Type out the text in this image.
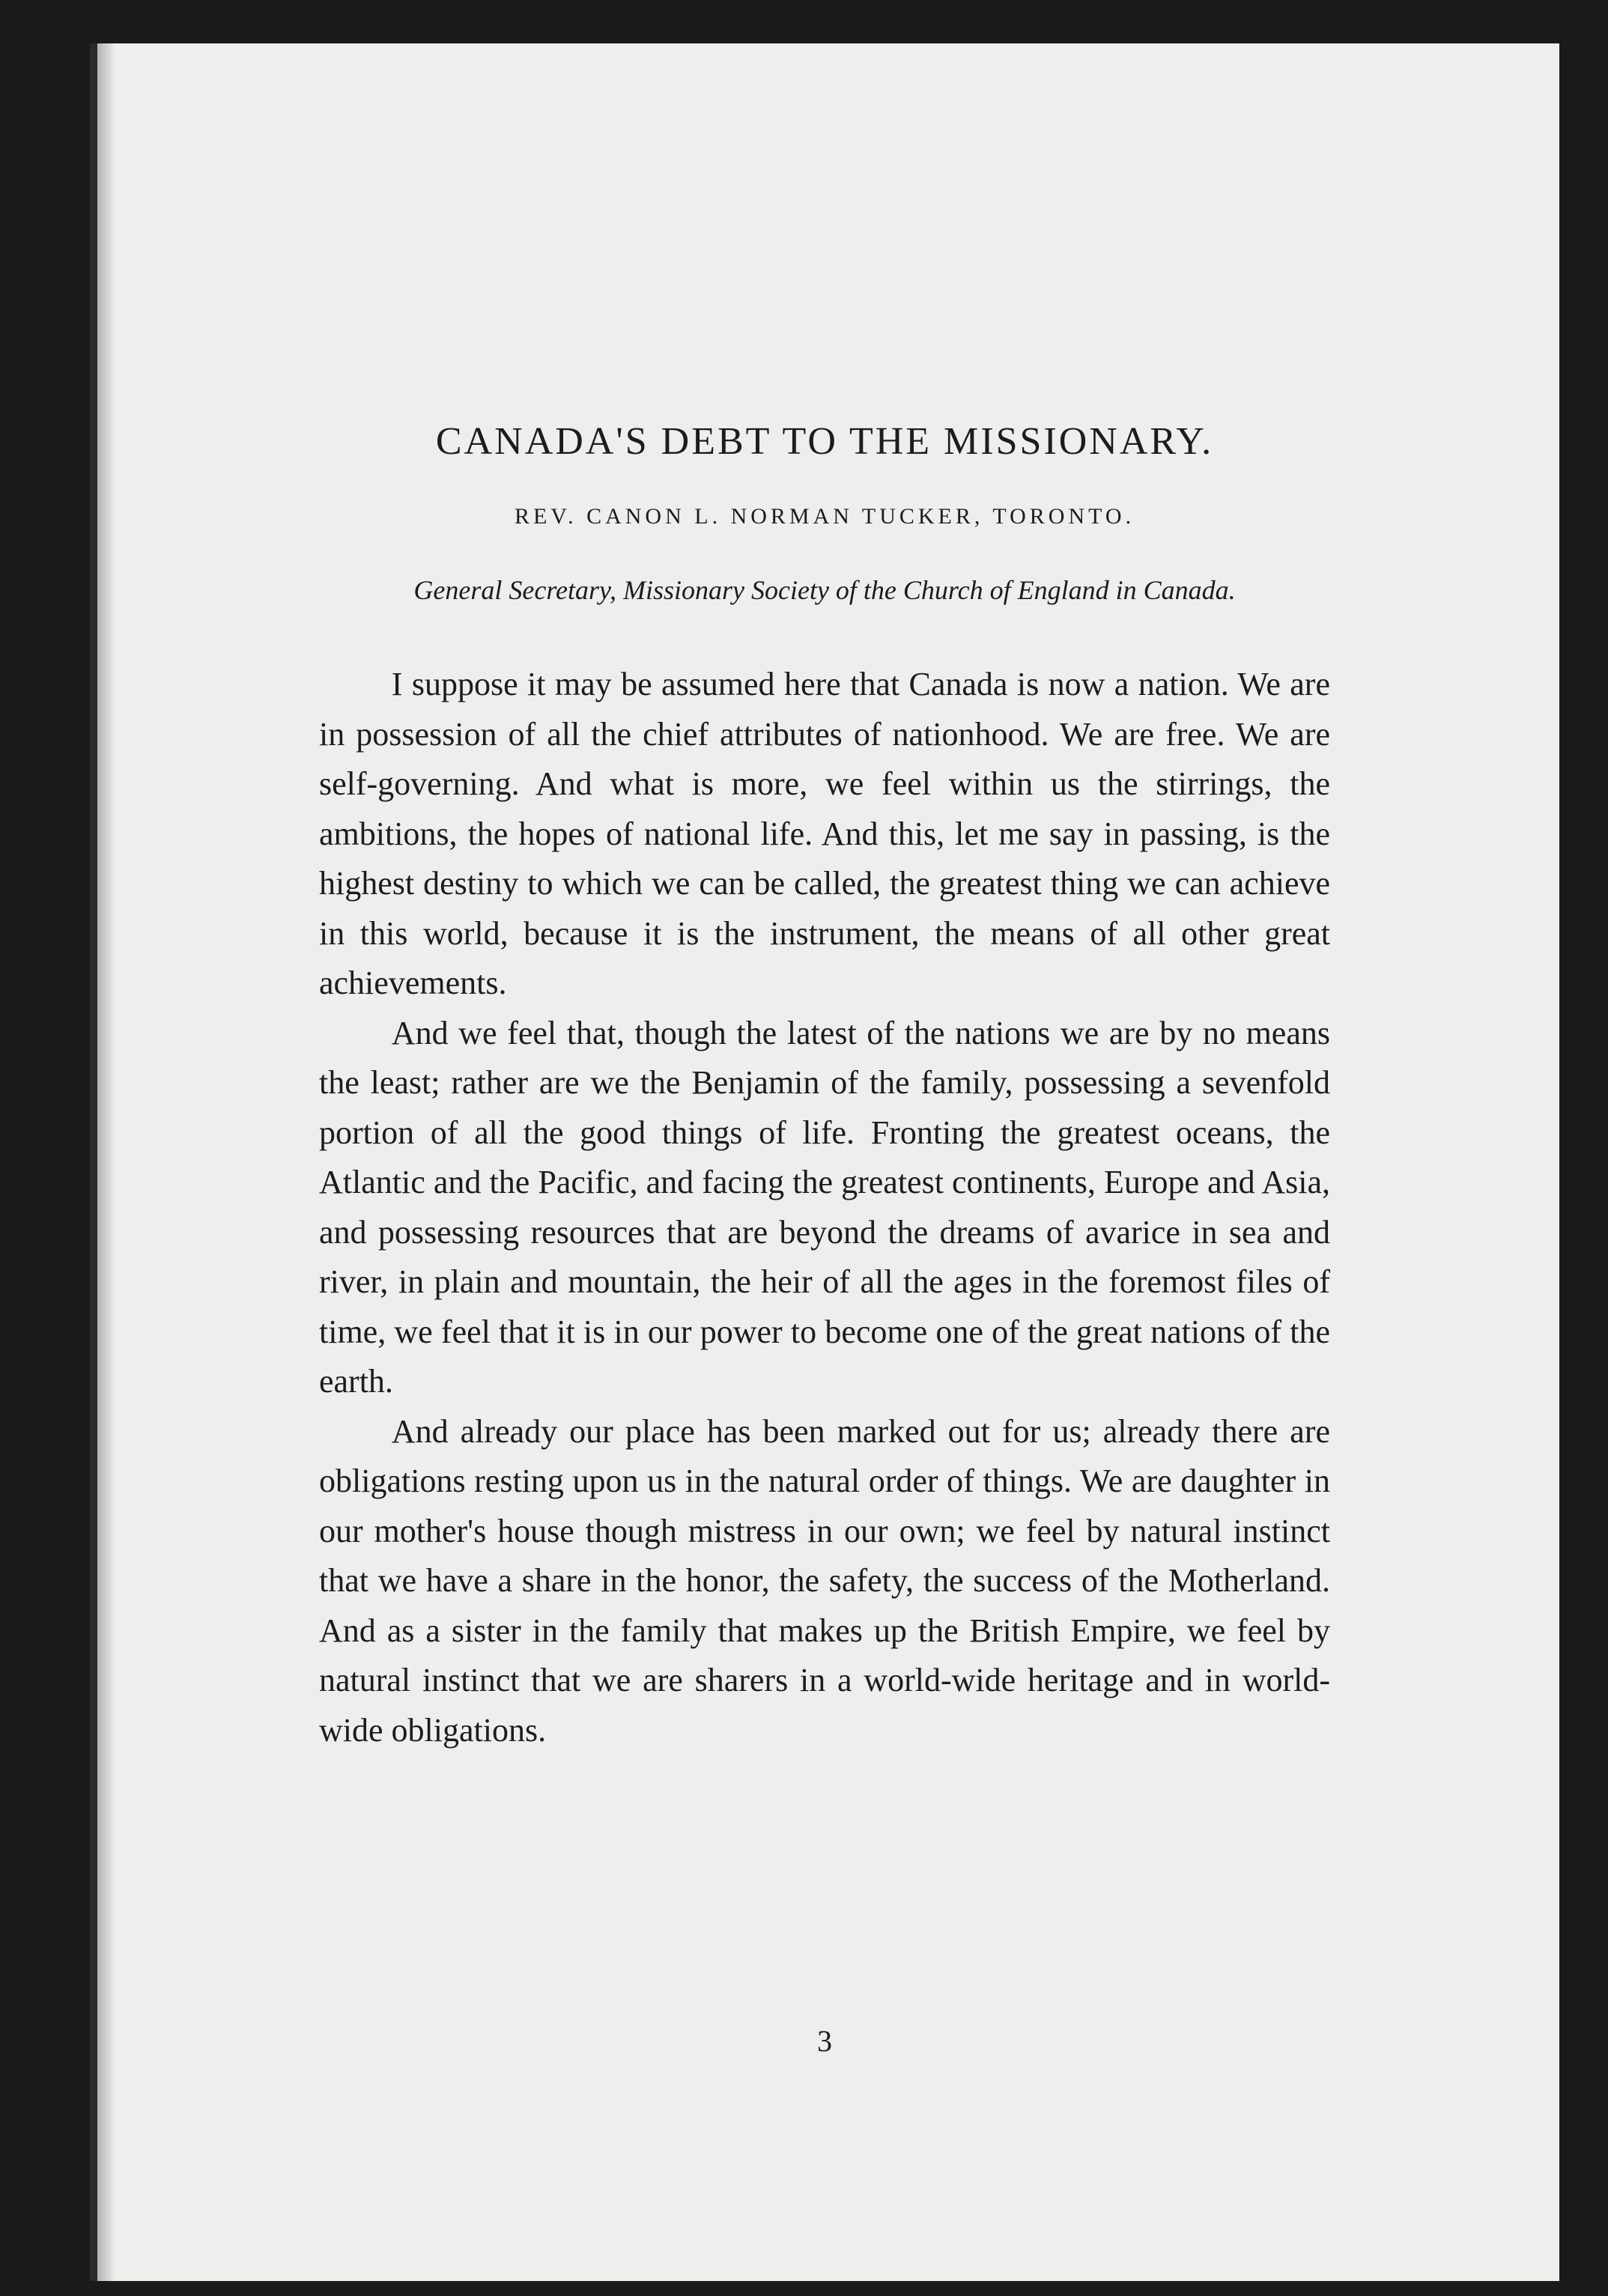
CANADA'S DEBT TO THE MISSIONARY.
REV. CANON L. NORMAN TUCKER, TORONTO.
General Secretary, Missionary Society of the Church of England in Canada.

I suppose it may be assumed here that Canada is now a nation. We are in possession of all the chief attributes of nationhood. We are free. We are self-governing. And what is more, we feel within us the stirrings, the ambitions, the hopes of national life. And this, let me say in passing, is the highest destiny to which we can be called, the greatest thing we can achieve in this world, because it is the instrument, the means of all other great achievements.

And we feel that, though the latest of the nations we are by no means the least; rather are we the Benjamin of the family, possessing a sevenfold portion of all the good things of life. Fronting the greatest oceans, the Atlantic and the Pacific, and facing the greatest continents, Europe and Asia, and possessing resources that are beyond the dreams of avarice in sea and river, in plain and mountain, the heir of all the ages in the foremost files of time, we feel that it is in our power to become one of the great nations of the earth.

And already our place has been marked out for us; already there are obligations resting upon us in the natural order of things. We are daughter in our mother's house though mistress in our own; we feel by natural instinct that we have a share in the honor, the safety, the success of the Motherland. And as a sister in the family that makes up the British Empire, we feel by natural instinct that we are sharers in a world-wide heritage and in world-wide obligations.

3
